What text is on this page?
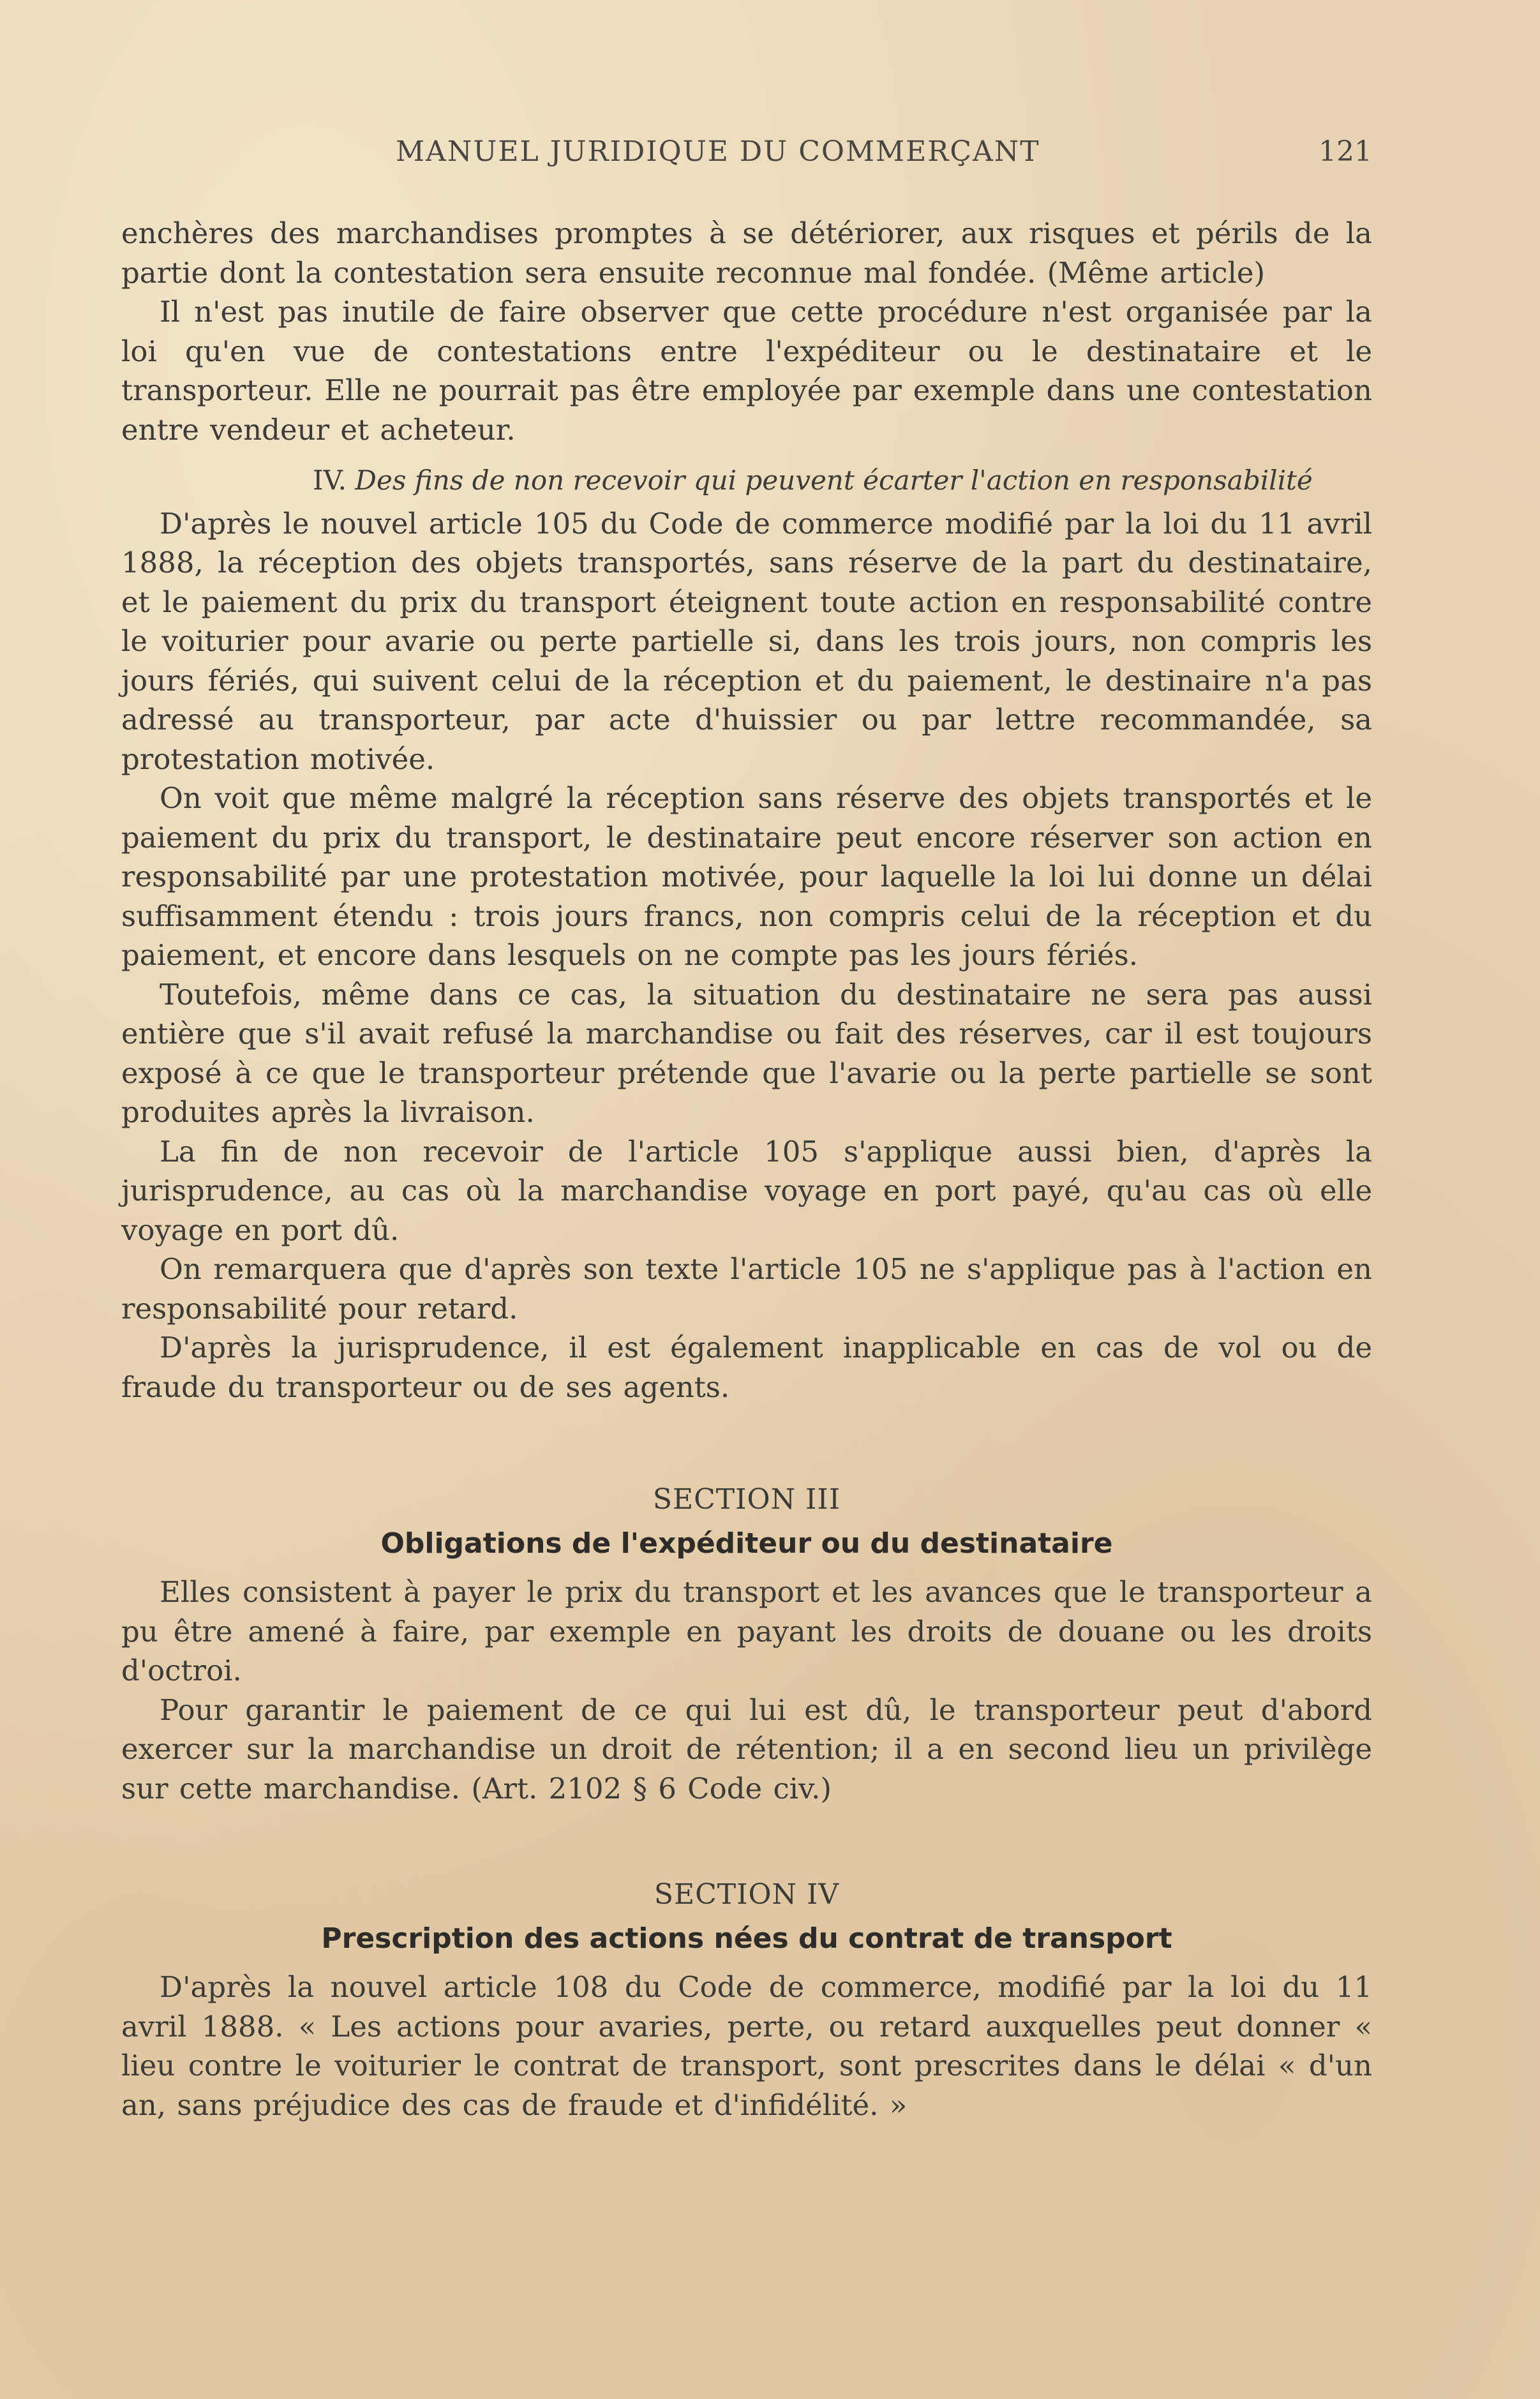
MANUEL JURIDIQUE DU COMMERÇANT	121

enchères des marchandises promptes à se détériorer, aux risques et périls de la partie dont la contestation sera ensuite reconnue mal fondée. (Même article)

Il n'est pas inutile de faire observer que cette procédure n'est organisée par la loi qu'en vue de contestations entre l'expéditeur ou le destinataire et le transporteur. Elle ne pourrait pas être employée par exemple dans une contestation entre vendeur et acheteur.

IV. Des fins de non recevoir qui peuvent écarter l'action en responsabilité

D'après le nouvel article 105 du Code de commerce modifié par la loi du 11 avril 1888, la réception des objets transportés, sans réserve de la part du destinataire, et le paiement du prix du transport éteignent toute action en responsabilité contre le voiturier pour avarie ou perte partielle si, dans les trois jours, non compris les jours fériés, qui suivent celui de la réception et du paiement, le destinaire n'a pas adressé au transporteur, par acte d'huissier ou par lettre recommandée, sa protestation motivée.

On voit que même malgré la réception sans réserve des objets transportés et le paiement du prix du transport, le destinataire peut encore réserver son action en responsabilité par une protestation motivée, pour laquelle la loi lui donne un délai suffisamment étendu : trois jours francs, non compris celui de la réception et du paiement, et encore dans lesquels on ne compte pas les jours fériés.

Toutefois, même dans ce cas, la situation du destinataire ne sera pas aussi entière que s'il avait refusé la marchandise ou fait des réserves, car il est toujours exposé à ce que le transporteur prétende que l'avarie ou la perte partielle se sont produites après la livraison.

La fin de non recevoir de l'article 105 s'applique aussi bien, d'après la jurisprudence, au cas où la marchandise voyage en port payé, qu'au cas où elle voyage en port dû.

On remarquera que d'après son texte l'article 105 ne s'applique pas à l'action en responsabilité pour retard.

D'après la jurisprudence, il est également inapplicable en cas de vol ou de fraude du transporteur ou de ses agents.

SECTION III
Obligations de l'expéditeur ou du destinataire

Elles consistent à payer le prix du transport et les avances que le transporteur a pu être amené à faire, par exemple en payant les droits de douane ou les droits d'octroi.

Pour garantir le paiement de ce qui lui est dû, le transporteur peut d'abord exercer sur la marchandise un droit de rétention; il a en second lieu un privilège sur cette marchandise. (Art. 2102 § 6 Code civ.)

SECTION IV
Prescription des actions nées du contrat de transport

D'après la nouvel article 108 du Code de commerce, modifié par la loi du 11 avril 1888. « Les actions pour avaries, perte, ou retard auxquelles peut donner « lieu contre le voiturier le contrat de transport, sont prescrites dans le délai « d'un an, sans préjudice des cas de fraude et d'infidélité. »
